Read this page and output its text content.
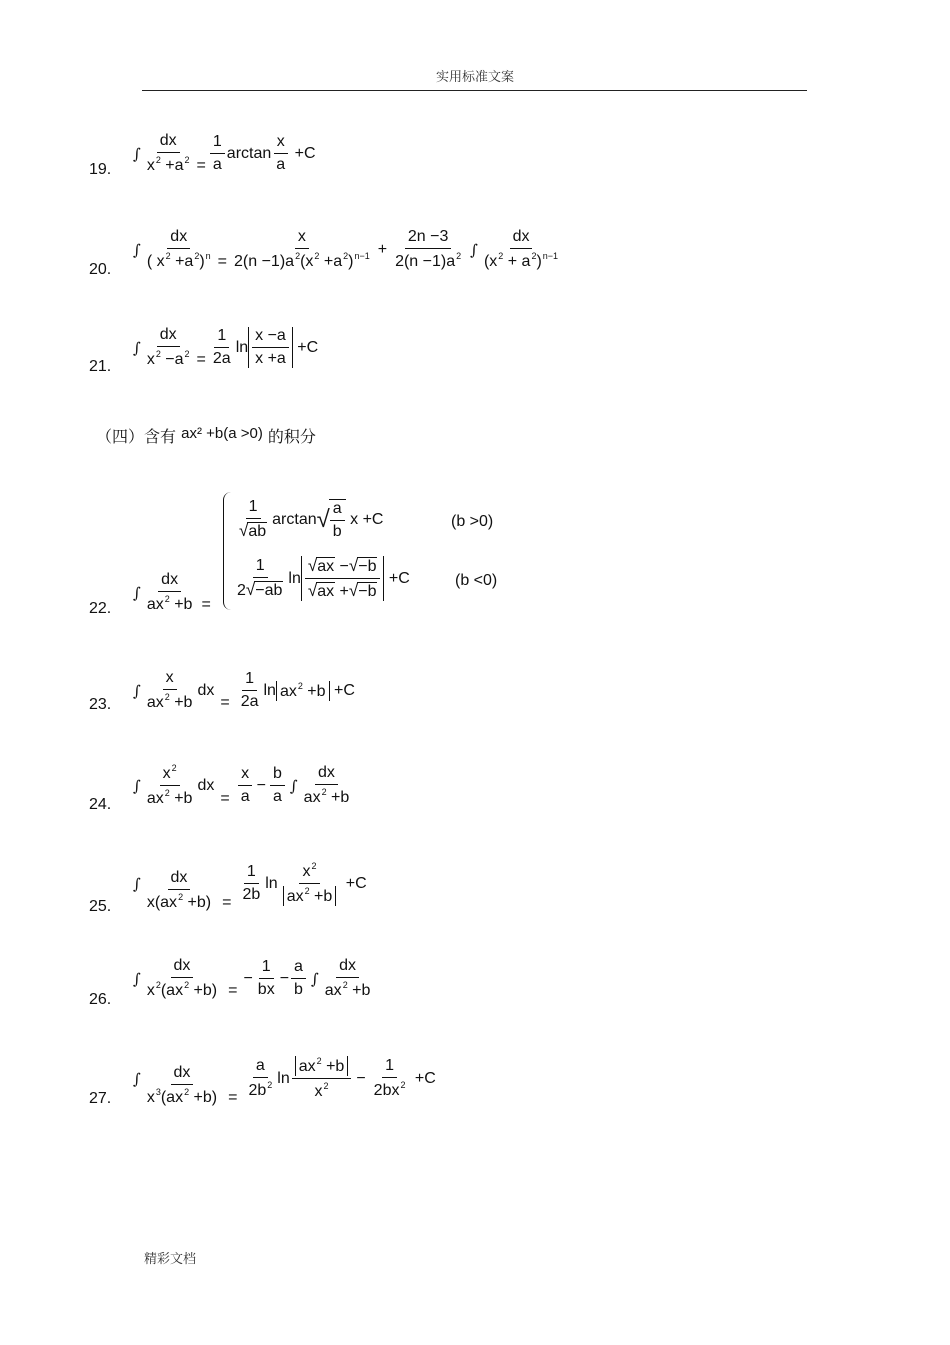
实用标准文案
19.
∫ $\frac{dx}{x^2 +a^2} = \frac{1}{a}$ arctan
x
a
+C
20.
∫ $\frac{dx}{( x^2 +a^2)^n} = \frac{x}{2(n -1)a^2(x^2 +a^2)^{n-1}} + \frac{2n -3}{2(n -1)a^2}$ ∫
dx
$(x^2 + a^2)^{n-1}$
21.
∫ $\frac{dx}{x^2 -a^2} = \frac{1}{2a}$ $\ln \frac{x -a}{x +a} +C$
（四）含有 ax² +b(a >0) 的积分
22.
∫ $\frac{dx}{ax^2 +b}$ =
1
√ab
arctan √ $\frac{a}{b}$ x +C	(b >0)
1
2√−ab
$\ln \frac{√ax -√-b}{√ax +√-b} +C$	(b <0)
23.
∫
x
$ax^2 +b$
dx
= $\frac{1}{2a}$ $\ln ax^2 +b +C$
24.
∫
$x^2$
$ax^2 +b$
dx
= $\frac{x}{a} - \frac{b}{a}$ ∫
dx
$ax^2 +b$
25.
∫ $\frac{dx}{x(ax^2 +b)} = \frac{1}{2b}$ ln
$x^2$
$ax^2 +b$
+C
26.
∫ $\frac{dx}{x^2(ax^2 +b)}$ =
− $\frac{1}{bx} - \frac{a}{b}$ ∫
dx
$ax^2 +b$
27.
∫ $\frac{dx}{x^3(ax^2 +b)} = \frac{a}{2b^2}$ ln
$ax^2 +b$
$x^2 - \frac{1}{2bx^2} +C$
精彩文档
